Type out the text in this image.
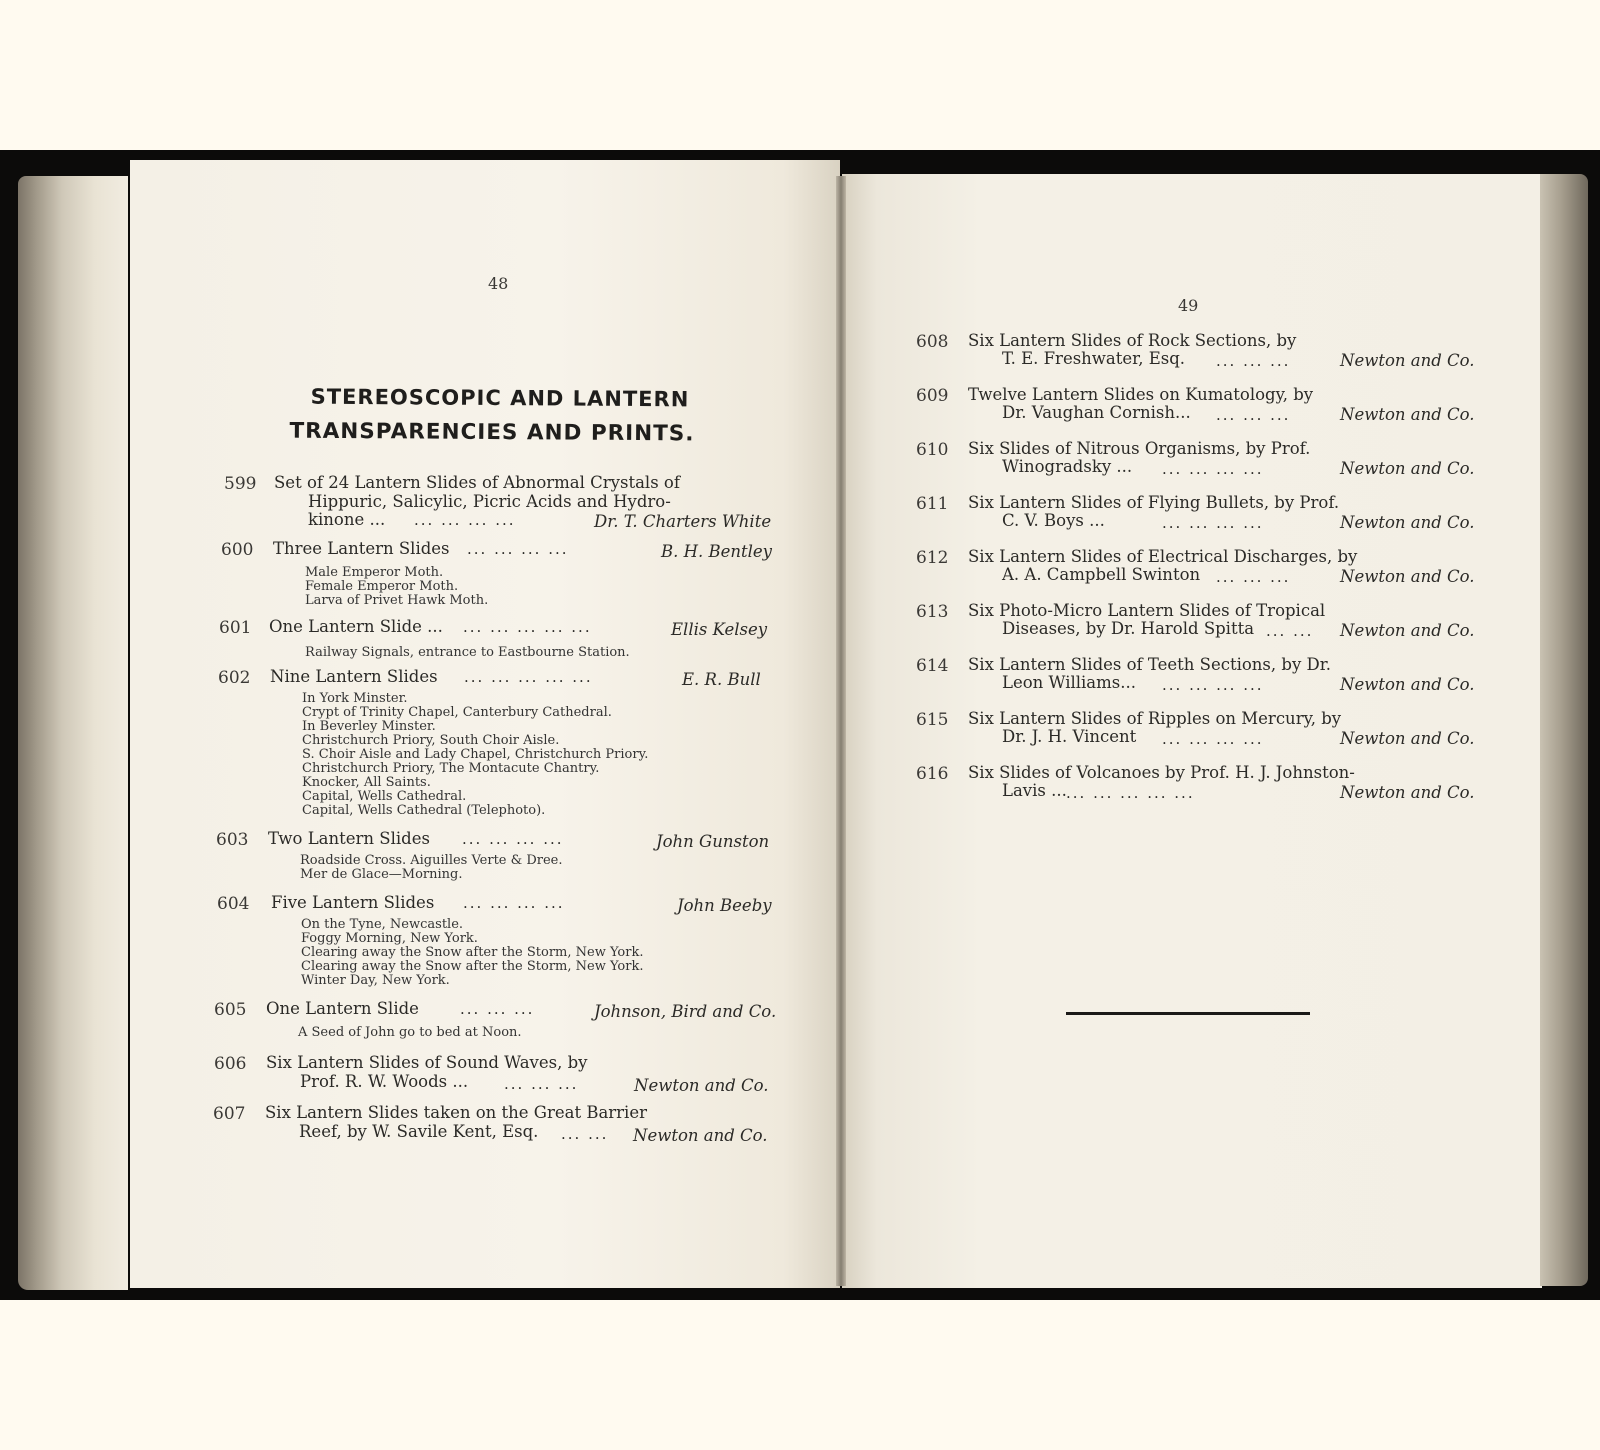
48
STEREOSCOPIC AND LANTERN
TRANSPARENCIES AND PRINTS.
599 Set of 24 Lantern Slides of Abnormal Crystals of
Hippuric, Salicylic, Picric Acids and Hydro-
kinone ... ... ... ... ...	Dr. T. Charters White
600 Three Lantern Slides ... ... ... ...	B. H. Bentley
Male Emperor Moth.
Female Emperor Moth.
Larva of Privet Hawk Moth.
601 One Lantern Slide ... ... ... ... ... ...	Ellis Kelsey
Railway Signals, entrance to Eastbourne Station.
602 Nine Lantern Slides ... ... ... ... ...	E. R. Bull
In York Minster.
Crypt of Trinity Chapel, Canterbury Cathedral.
In Beverley Minster.
Christchurch Priory, South Choir Aisle.
S. Choir Aisle and Lady Chapel, Christchurch Priory.
Christchurch Priory, The Montacute Chantry.
Knocker, All Saints.
Capital, Wells Cathedral.
Capital, Wells Cathedral (Telephoto).
603 Two Lantern Slides ... ... ... ...	John Gunston
Roadside Cross. Aiguilles Verte & Dree.
Mer de Glace—Morning.
604 Five Lantern Slides ... ... ... ...	John Beeby
On the Tyne, Newcastle.
Foggy Morning, New York.
Clearing away the Snow after the Storm, New York.
Clearing away the Snow after the Storm, New York.
Winter Day, New York.
605 One Lantern Slide	... ... ...	Johnson, Bird and Co.
A Seed of John go to bed at Noon.
606 Six Lantern Slides of Sound Waves, by
Prof. R. W. Woods ... ... ... ...	Newton and Co.
607 Six Lantern Slides taken on the Great Barrier
Reef, by W. Savile Kent, Esq. ... ... Newton and Co.
49
608 Six Lantern Slides of Rock Sections, by
T. E. Freshwater, Esq. ... ... ...	Newton and Co.
609 Twelve Lantern Slides on Kumatology, by
Dr. Vaughan Cornish... ... ... ...	Newton and Co.
610 Six Slides of Nitrous Organisms, by Prof.
Winogradsky ... ... ... ... ...	Newton and Co.
611 Six Lantern Slides of Flying Bullets, by Prof.
C. V. Boys ...	... ... ... ...	Newton and Co.
612 Six Lantern Slides of Electrical Discharges, by
A. A. Campbell Swinton ... ... ...	Newton and Co.
613 Six Photo-Micro Lantern Slides of Tropical
Diseases, by Dr. Harold Spitta ... ... Newton and Co.
614 Six Lantern Slides of Teeth Sections, by Dr.
Leon Williams... ... ... ... ...	Newton and Co.
615 Six Lantern Slides of Ripples on Mercury, by
Dr. J. H. Vincent ... ... ... ...	Newton and Co.
616 Six Slides of Volcanoes by Prof. H. J. Johnston-
Lavis ... ... ... ... ... ...	Newton and Co.
